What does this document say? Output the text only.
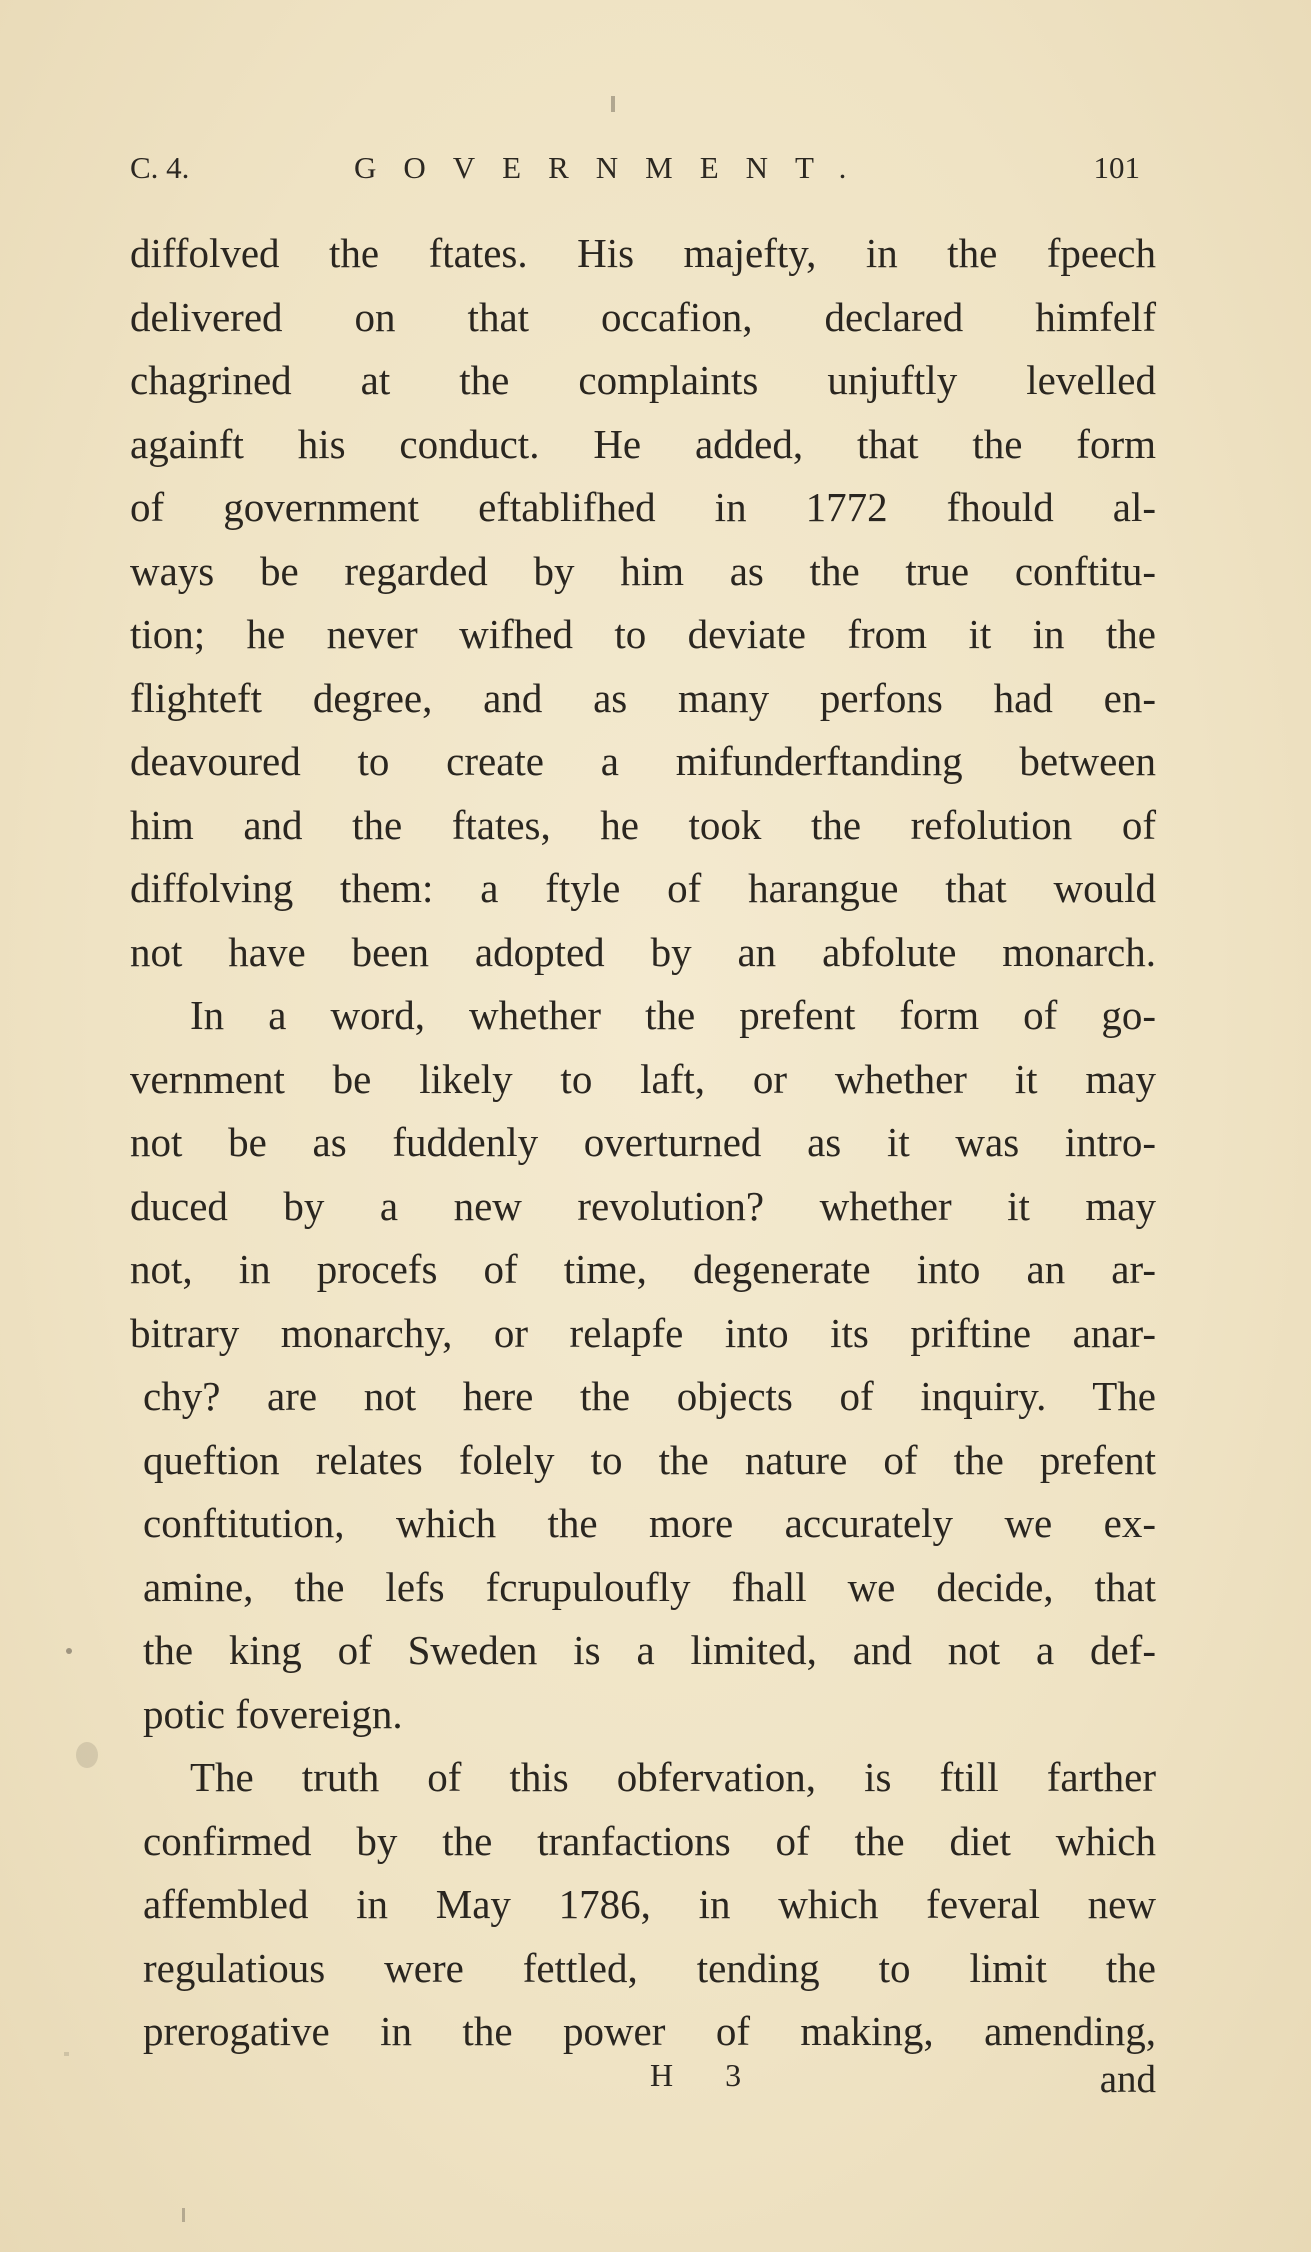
C. 4.	GOVERNMENT.	101
diffolved the ftates. His majefty, in the fpeech
delivered on that occafion, declared himfelf
chagrined at the complaints unjuftly levelled
againft his conduct. He added, that the form
of government eftablifhed in 1772 fhould al-
ways be regarded by him as the true conftitu-
tion; he never wifhed to deviate from it in the
flighteft degree, and as many perfons had en-
deavoured to create a mifunderftanding between
him and the ftates, he took the refolution of
diffolving them: a ftyle of harangue that would
not have been adopted by an abfolute monarch.
In a word, whether the prefent form of go-
vernment be likely to laft, or whether it may
not be as fuddenly overturned as it was intro-
duced by a new revolution? whether it may
not, in procefs of time, degenerate into an ar-
bitrary monarchy, or relapfe into its priftine anar-
chy? are not here the objects of inquiry. The
queftion relates folely to the nature of the prefent
conftitution, which the more accurately we ex-
amine, the lefs fcrupuloufly fhall we decide, that
the king of Sweden is a limited, and not a def-
potic fovereign.
The truth of this obfervation, is ftill farther
confirmed by the tranfactions of the diet which
affembled in May 1786, in which feveral new
regulatious were fettled, tending to limit the
prerogative in the power of making, amending,
H 3	and
